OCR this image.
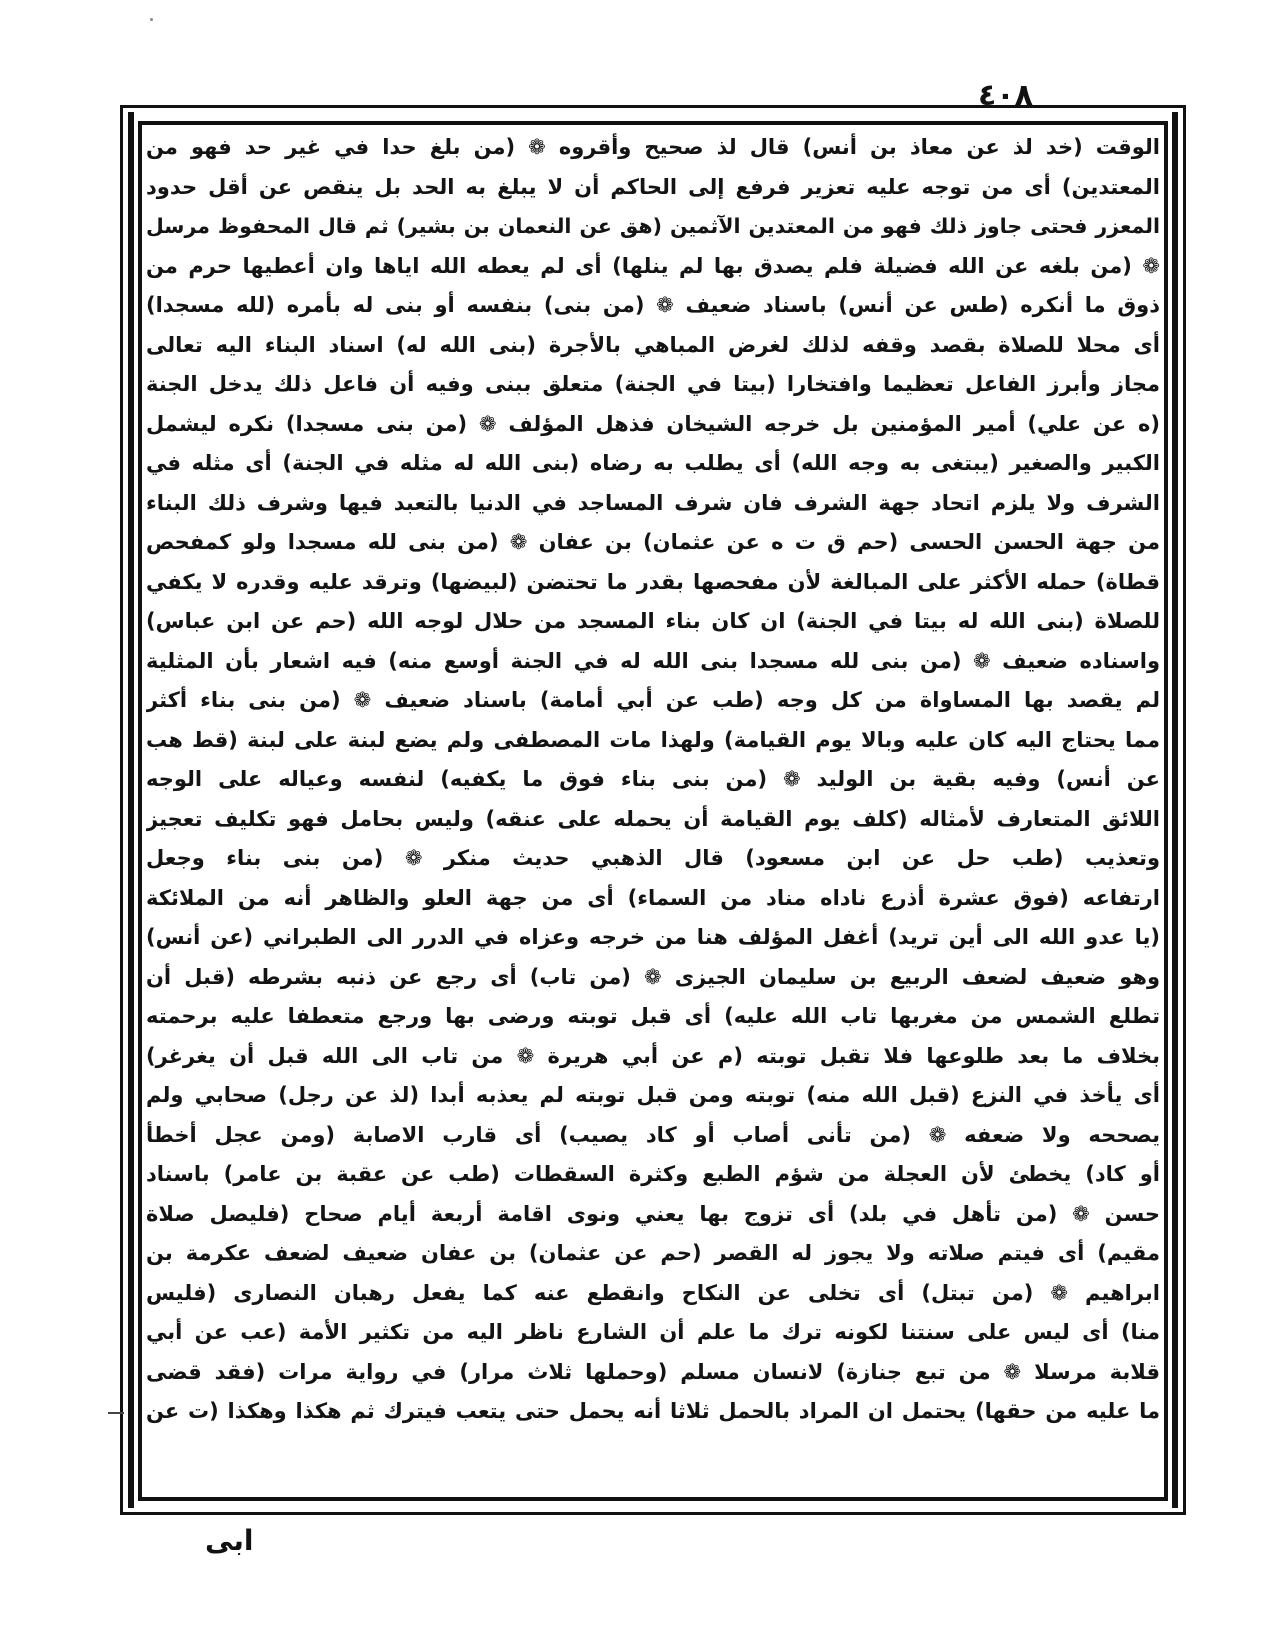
٤٠٨
الوقت (خد لذ عن معاذ بن أنس) قال لذ صحيح وأقروه ❁ (من بلغ حدا في غير حد فهو من
المعتدين) أى من توجه عليه تعزير فرفع إلى الحاكم أن لا يبلغ به الحد بل ينقص عن أقل حدود
المعزر فحتى جاوز ذلك فهو من المعتدين الآثمين (هق عن النعمان بن بشير) ثم قال المحفوظ مرسل
❁ (من بلغه عن الله فضيلة فلم يصدق بها لم ينلها) أى لم يعطه الله اياها وان أعطيها حرم من
ذوق ما أنكره (طس عن أنس) باسناد ضعيف ❁ (من بنى) بنفسه أو بنى له بأمره (لله مسجدا)
أى محلا للصلاة بقصد وقفه لذلك لغرض المباهي بالأجرة (بنى الله له) اسناد البناء اليه تعالى
مجاز وأبرز الفاعل تعظيما وافتخارا (بيتا في الجنة) متعلق ببنى وفيه أن فاعل ذلك يدخل الجنة
(ه عن علي) أمير المؤمنين بل خرجه الشيخان فذهل المؤلف ❁ (من بنى مسجدا) نكره ليشمل
الكبير والصغير (يبتغى به وجه الله) أى يطلب به رضاه (بنى الله له مثله في الجنة) أى مثله في
الشرف ولا يلزم اتحاد جهة الشرف فان شرف المساجد في الدنيا بالتعبد فيها وشرف ذلك البناء
من جهة الحسن الحسى (حم ق ت ه عن عثمان) بن عفان ❁ (من بنى لله مسجدا ولو كمفحص
قطاة) حمله الأكثر على المبالغة لأن مفحصها بقدر ما تحتضن (لبيضها) وترقد عليه وقدره لا يكفي
للصلاة (بنى الله له بيتا في الجنة) ان كان بناء المسجد من حلال لوجه الله (حم عن ابن عباس)
واسناده ضعيف ❁ (من بنى لله مسجدا بنى الله له في الجنة أوسع منه) فيه اشعار بأن المثلية
لم يقصد بها المساواة من كل وجه (طب عن أبي أمامة) باسناد ضعيف ❁ (من بنى بناء أكثر
مما يحتاج اليه كان عليه وبالا يوم القيامة) ولهذا مات المصطفى ولم يضع لبنة على لبنة (قط هب
عن أنس) وفيه بقية بن الوليد ❁ (من بنى بناء فوق ما يكفيه) لنفسه وعياله على الوجه
اللائق المتعارف لأمثاله (كلف يوم القيامة أن يحمله على عنقه) وليس بحامل فهو تكليف تعجيز
وتعذيب (طب حل عن ابن مسعود) قال الذهبي حديث منكر ❁ (من بنى بناء وجعل
ارتفاعه (فوق عشرة أذرع ناداه مناد من السماء) أى من جهة العلو والظاهر أنه من الملائكة
(يا عدو الله الى أين تريد) أغفل المؤلف هنا من خرجه وعزاه في الدرر الى الطبراني (عن أنس)
وهو ضعيف لضعف الربيع بن سليمان الجيزى ❁ (من تاب) أى رجع عن ذنبه بشرطه (قبل أن
تطلع الشمس من مغربها تاب الله عليه) أى قبل توبته ورضى بها ورجع متعطفا عليه برحمته
بخلاف ما بعد طلوعها فلا تقبل توبته (م عن أبي هريرة ❁ من تاب الى الله قبل أن يغرغر)
أى يأخذ في النزع (قبل الله منه) توبته ومن قبل توبته لم يعذبه أبدا (لذ عن رجل) صحابي ولم
يصححه ولا ضعفه ❁ (من تأنى أصاب أو كاد يصيب) أى قارب الاصابة (ومن عجل أخطأ
أو كاد) يخطئ لأن العجلة من شؤم الطبع وكثرة السقطات (طب عن عقبة بن عامر) باسناد
حسن ❁ (من تأهل في بلد) أى تزوج بها يعني ونوى اقامة أربعة أيام صحاح (فليصل صلاة
مقيم) أى فيتم صلاته ولا يجوز له القصر (حم عن عثمان) بن عفان ضعيف لضعف عكرمة بن
ابراهيم ❁ (من تبتل) أى تخلى عن النكاح وانقطع عنه كما يفعل رهبان النصارى (فليس
منا) أى ليس على سنتنا لكونه ترك ما علم أن الشارع ناظر اليه من تكثير الأمة (عب عن أبي
قلابة مرسلا ❁ من تبع جنازة) لانسان مسلم (وحملها ثلاث مرار) في رواية مرات (فقد قضى
ما عليه من حقها) يحتمل ان المراد بالحمل ثلاثا أنه يحمل حتى يتعب فيترك ثم هكذا وهكذا (ت عن
ابى
